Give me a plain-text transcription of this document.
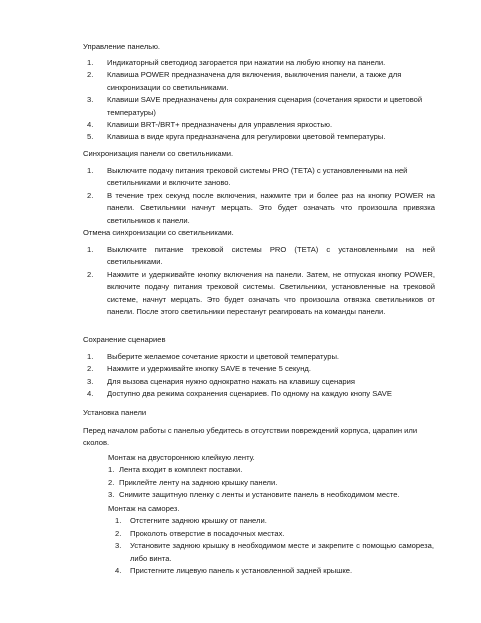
Управление панелью.
1. Индикаторный светодиод загорается при нажатии на любую кнопку на панели.
2. Клавиша POWER предназначена для включения, выключения панели, а также для синхронизации со светильниками.
3. Клавиши SAVE предназначены для сохранения сценария (сочетания яркости и цветовой температуры)
4. Клавиши BRT-/BRT+ предназначены для управления яркостью.
5. Клавиша в виде круга предназначена для регулировки цветовой температуры.
Синхронизация панели со светильниками.
1. Выключите подачу питания трековой системы PRO (TETA) с установленными на ней светильниками и включите заново.
2. В течение трех секунд после включения, нажмите три и более раз на кнопку POWER на панели. Светильники начнут мерцать. Это будет означать что произошла привязка светильников к панели.
Отмена синхронизации со светильниками.
1. Выключите питание трековой системы PRO (TETA) с установленными на ней светильниками.
2. Нажмите и удерживайте кнопку включения на панели. Затем, не отпуская кнопку POWER, включите подачу питания трековой системы. Светильники, установленные на трековой системе, начнут мерцать. Это будет означать что произошла отвязка светильников от панели. После этого светильники перестанут реагировать на команды панели.
Сохранение сценариев
1. Выберите желаемое сочетание яркости и цветовой температуры.
2. Нажмите и удерживайте кнопку SAVE в течение 5 секунд.
3. Для вызова сценария нужно однократно нажать на клавишу сценария
4. Доступно два режима сохранения сценариев. По одному на каждую кнопу SAVE
Установка панели
Перед началом работы с панелью убедитесь в отсутствии повреждений корпуса, царапин или сколов.
Монтаж на двустороннюю клейкую ленту.
1. Лента входит в комплект поставки.
2. Приклейте ленту на заднюю крышку панели.
3. Снимите защитную пленку с ленты и установите панель в необходимом месте.
Монтаж на саморез.
1. Отстегните заднюю крышку от панели.
2. Проколоть отверстие в посадочных местах.
3. Установите заднюю крышку в необходимом месте и закрепите с помощью самореза, либо винта.
4. Пристегните лицевую панель к установленной задней крышке.
